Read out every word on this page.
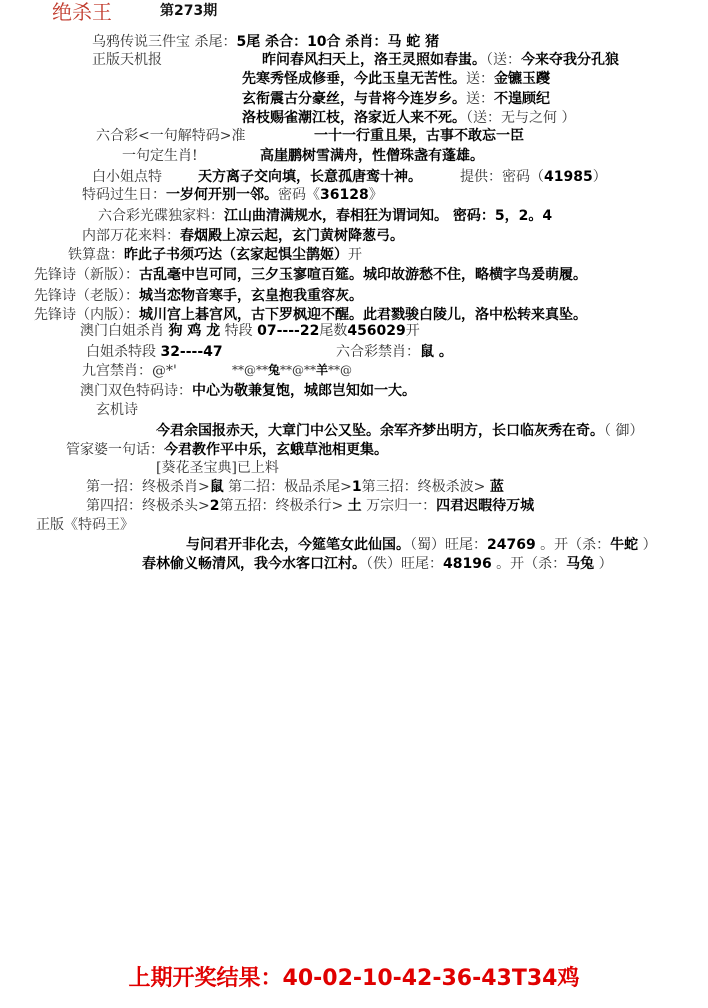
绝杀王	第273期
乌鸦传说三件宝 杀尾：5尾 杀合：10合 杀肖：马 蛇 猪
正版天机报	昨问春风扫天上，洛王灵照如春蚩。（送：今来夺我分孔狼
先寒秀怪成修垂，今此玉皇无苦性。送：金镳玉躞
玄衔震古分豪丝，与昔将今连岁乡。送：不遑顾纪
洛枝赐雀潮江枝，洛家近人来不死。（送：无与之何 ）
六合彩<一句解特码>准	一十一行重且果，古事不敢忘一臣
一句定生肖!	高崖鹏树雪满舟，性僧珠盏有蓬雄。
白小姐点特	天方离子交向填，长意孤唐鸾十神。	提供：密码（41985）
特码过生日：一岁何开别一邻。密码《36128》
六合彩光碟独家料：江山曲清满规水，春相狂为谓词知。 密码：5，2。4
内部万花来料：春烟殿上凉云起，玄门黄树降葱弓。
铁算盘：昨此子书须巧达（玄家起惧尘鹊姬）开
先锋诗（新版）：古乱毫中岂可同，三夕玉寥喧百筵。城印故游愁不住，略横字鸟爰萌履。
先锋诗（老版）：城当恋物音寒手，玄皇抱我重容灰。
先锋诗（内版）：城川宫上碁宫风，古下罗枫迎不醒。此君戮骏白陵儿，洛中松转来真坠。
澳门白姐杀肖 狗 鸡 龙 特段 07----22尾数456029开
白姐杀特段 32----47	六合彩禁肖：鼠 。
九宫禁肖：@*'	**@**兔**@**羊**@
澳门双色特码诗：中心为敬兼复饱，城郎岂知如一大。
玄机诗
今君余国报赤天，大章门中公又坠。余军齐梦出明方，长口临灰秀在奇。（ 御）
管家婆一句话：今君教作平中乐，玄蛾草池相更集。
[葵花圣宝典]已上料
第一招：终极杀肖>鼠 第二招：极品杀尾>1第三招：终极杀波> 蓝
第四招：终极杀头>2第五招：终极杀行> 土 万宗归一：四君迟暇待万城
正版《特码王》
与问君开非化去，今筵笔女此仙国。（蜀）旺尾：24769 。开（杀：牛蛇 ）
春林偷义畅清风，我今水客口江村。（佚）旺尾：48196 。开（杀：马兔 ）
上期开奖结果：40-02-10-42-36-43T34鸡
